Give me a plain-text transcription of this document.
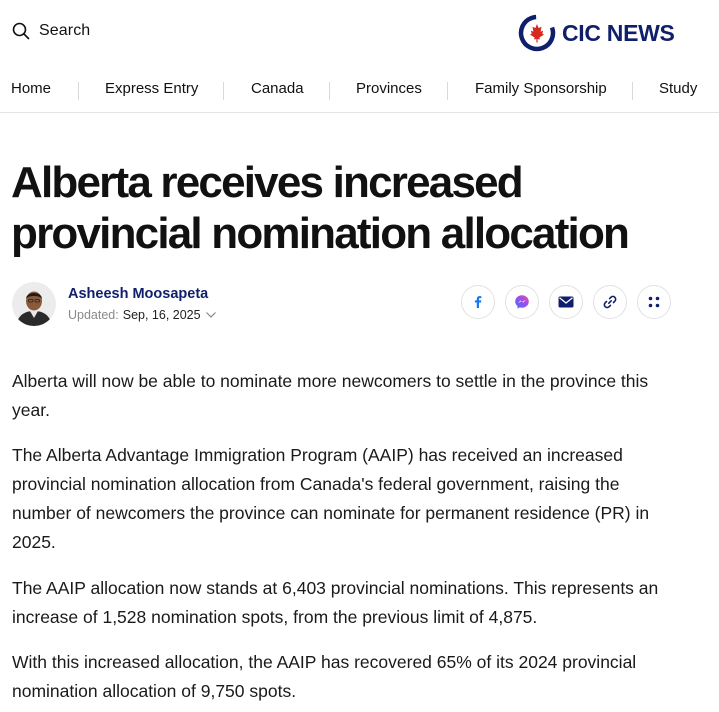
Search	CIC NEWS
Home	Express Entry	Canada	Provinces	Family Sponsorship	Study
Alberta receives increased provincial nomination allocation
Asheesh Moosapeta
Updated: Sep, 16, 2025

Alberta will now be able to nominate more newcomers to settle in the province this year.

The Alberta Advantage Immigration Program (AAIP) has received an increased provincial nomination allocation from Canada's federal government, raising the number of newcomers the province can nominate for permanent residence (PR) in 2025.

The AAIP allocation now stands at 6,403 provincial nominations. This represents an increase of 1,528 nomination spots, from the previous limit of 4,875.

With this increased allocation, the AAIP has recovered 65% of its 2024 provincial nomination allocation of 9,750 spots.
